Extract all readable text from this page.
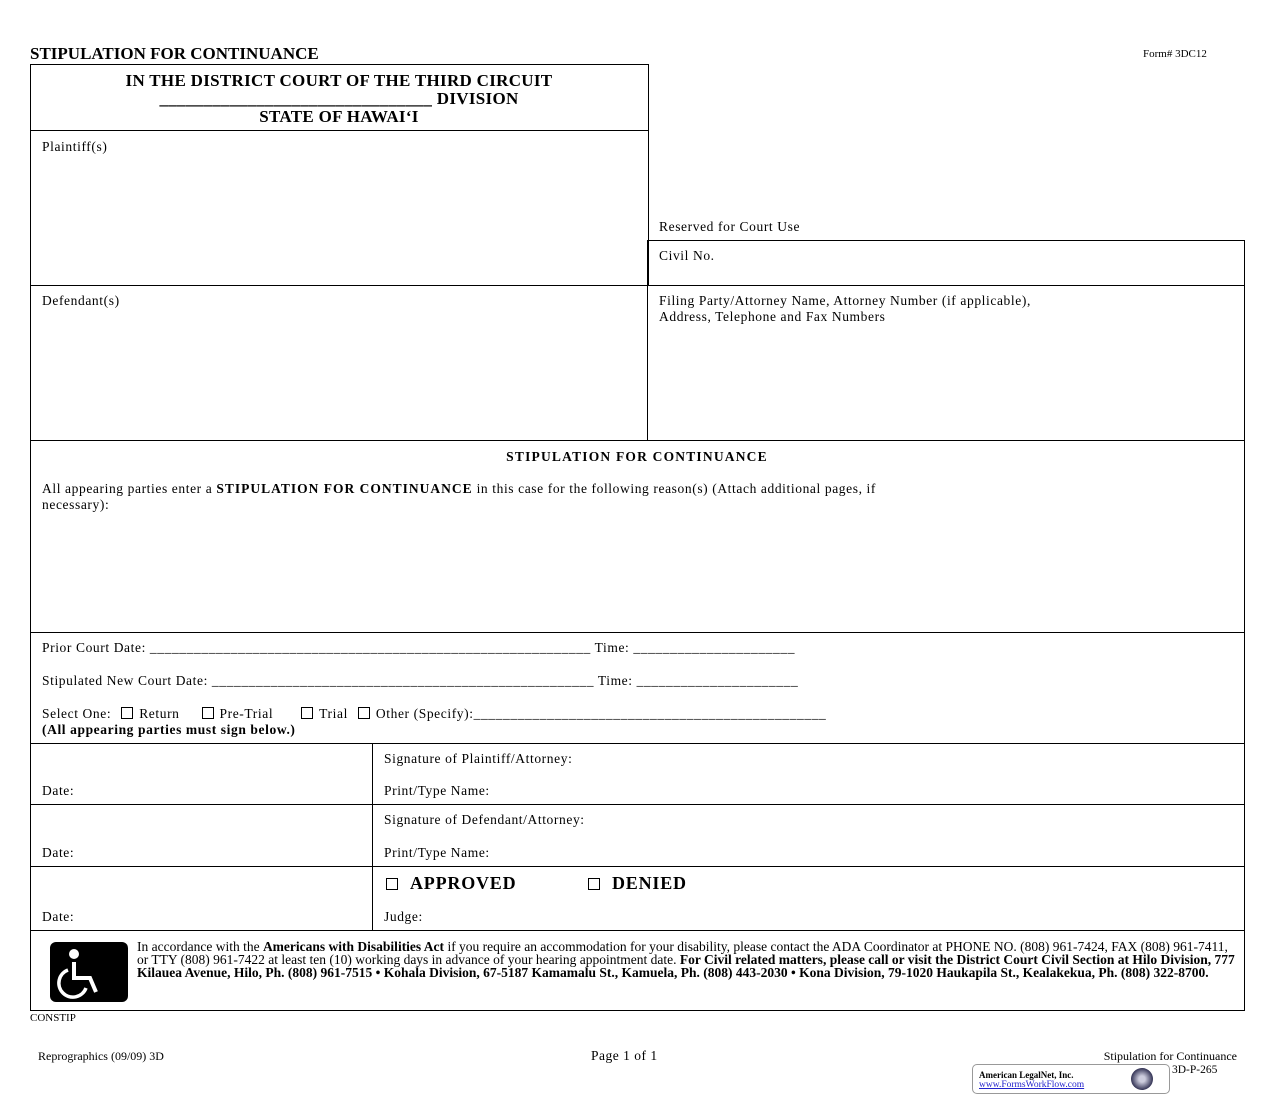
STIPULATION FOR CONTINUANCE	Form# 3DC12
IN THE DISTRICT COURT OF THE THIRD CIRCUIT
_______________________________ DIVISION
STATE OF HAWAI‘I
Plaintiff(s)
Reserved for Court Use
Civil No.
Defendant(s)	Filing Party/Attorney Name, Attorney Number (if applicable),
Address, Telephone and Fax Numbers
STIPULATION FOR CONTINUANCE
All appearing parties enter a STIPULATION FOR CONTINUANCE in this case for the following reason(s) (Attach additional pages, if
necessary):
Prior Court Date: ____________________________________________________________ Time: ______________________
Stipulated New Court Date: ____________________________________________________ Time: ______________________
Select One: Return	Pre-Trial	Trial Other (Specify):________________________________________________
(All appearing parties must sign below.)
Signature of Plaintiff/Attorney:
Date:	Print/Type Name:
Signature of Defendant/Attorney:
Date:	Print/Type Name:
APPROVED	DENIED
Date:	Judge:
In accordance with the Americans with Disabilities Act if you require an accommodation for your disability, please contact the ADA Coordinator at PHONE NO. (808) 961-7424, FAX (808) 961-7411, or TTY (808) 961-7422 at least ten (10) working days in advance of your hearing appointment date. For Civil related matters, please call or visit the District Court Civil Section at Hilo Division, 777 Kilauea Avenue, Hilo, Ph. (808) 961-7515 • Kohala Division, 67-5187 Kamamalu St., Kamuela, Ph. (808) 443-2030 • Kona Division, 79-1020 Haukapila St., Kealakekua, Ph. (808) 322-8700.
CONSTIP
Reprographics (09/09) 3D	Page 1 of 1	Stipulation for Continuance
3D-P-265
American LegalNet, Inc.
www.FormsWorkFlow.com
